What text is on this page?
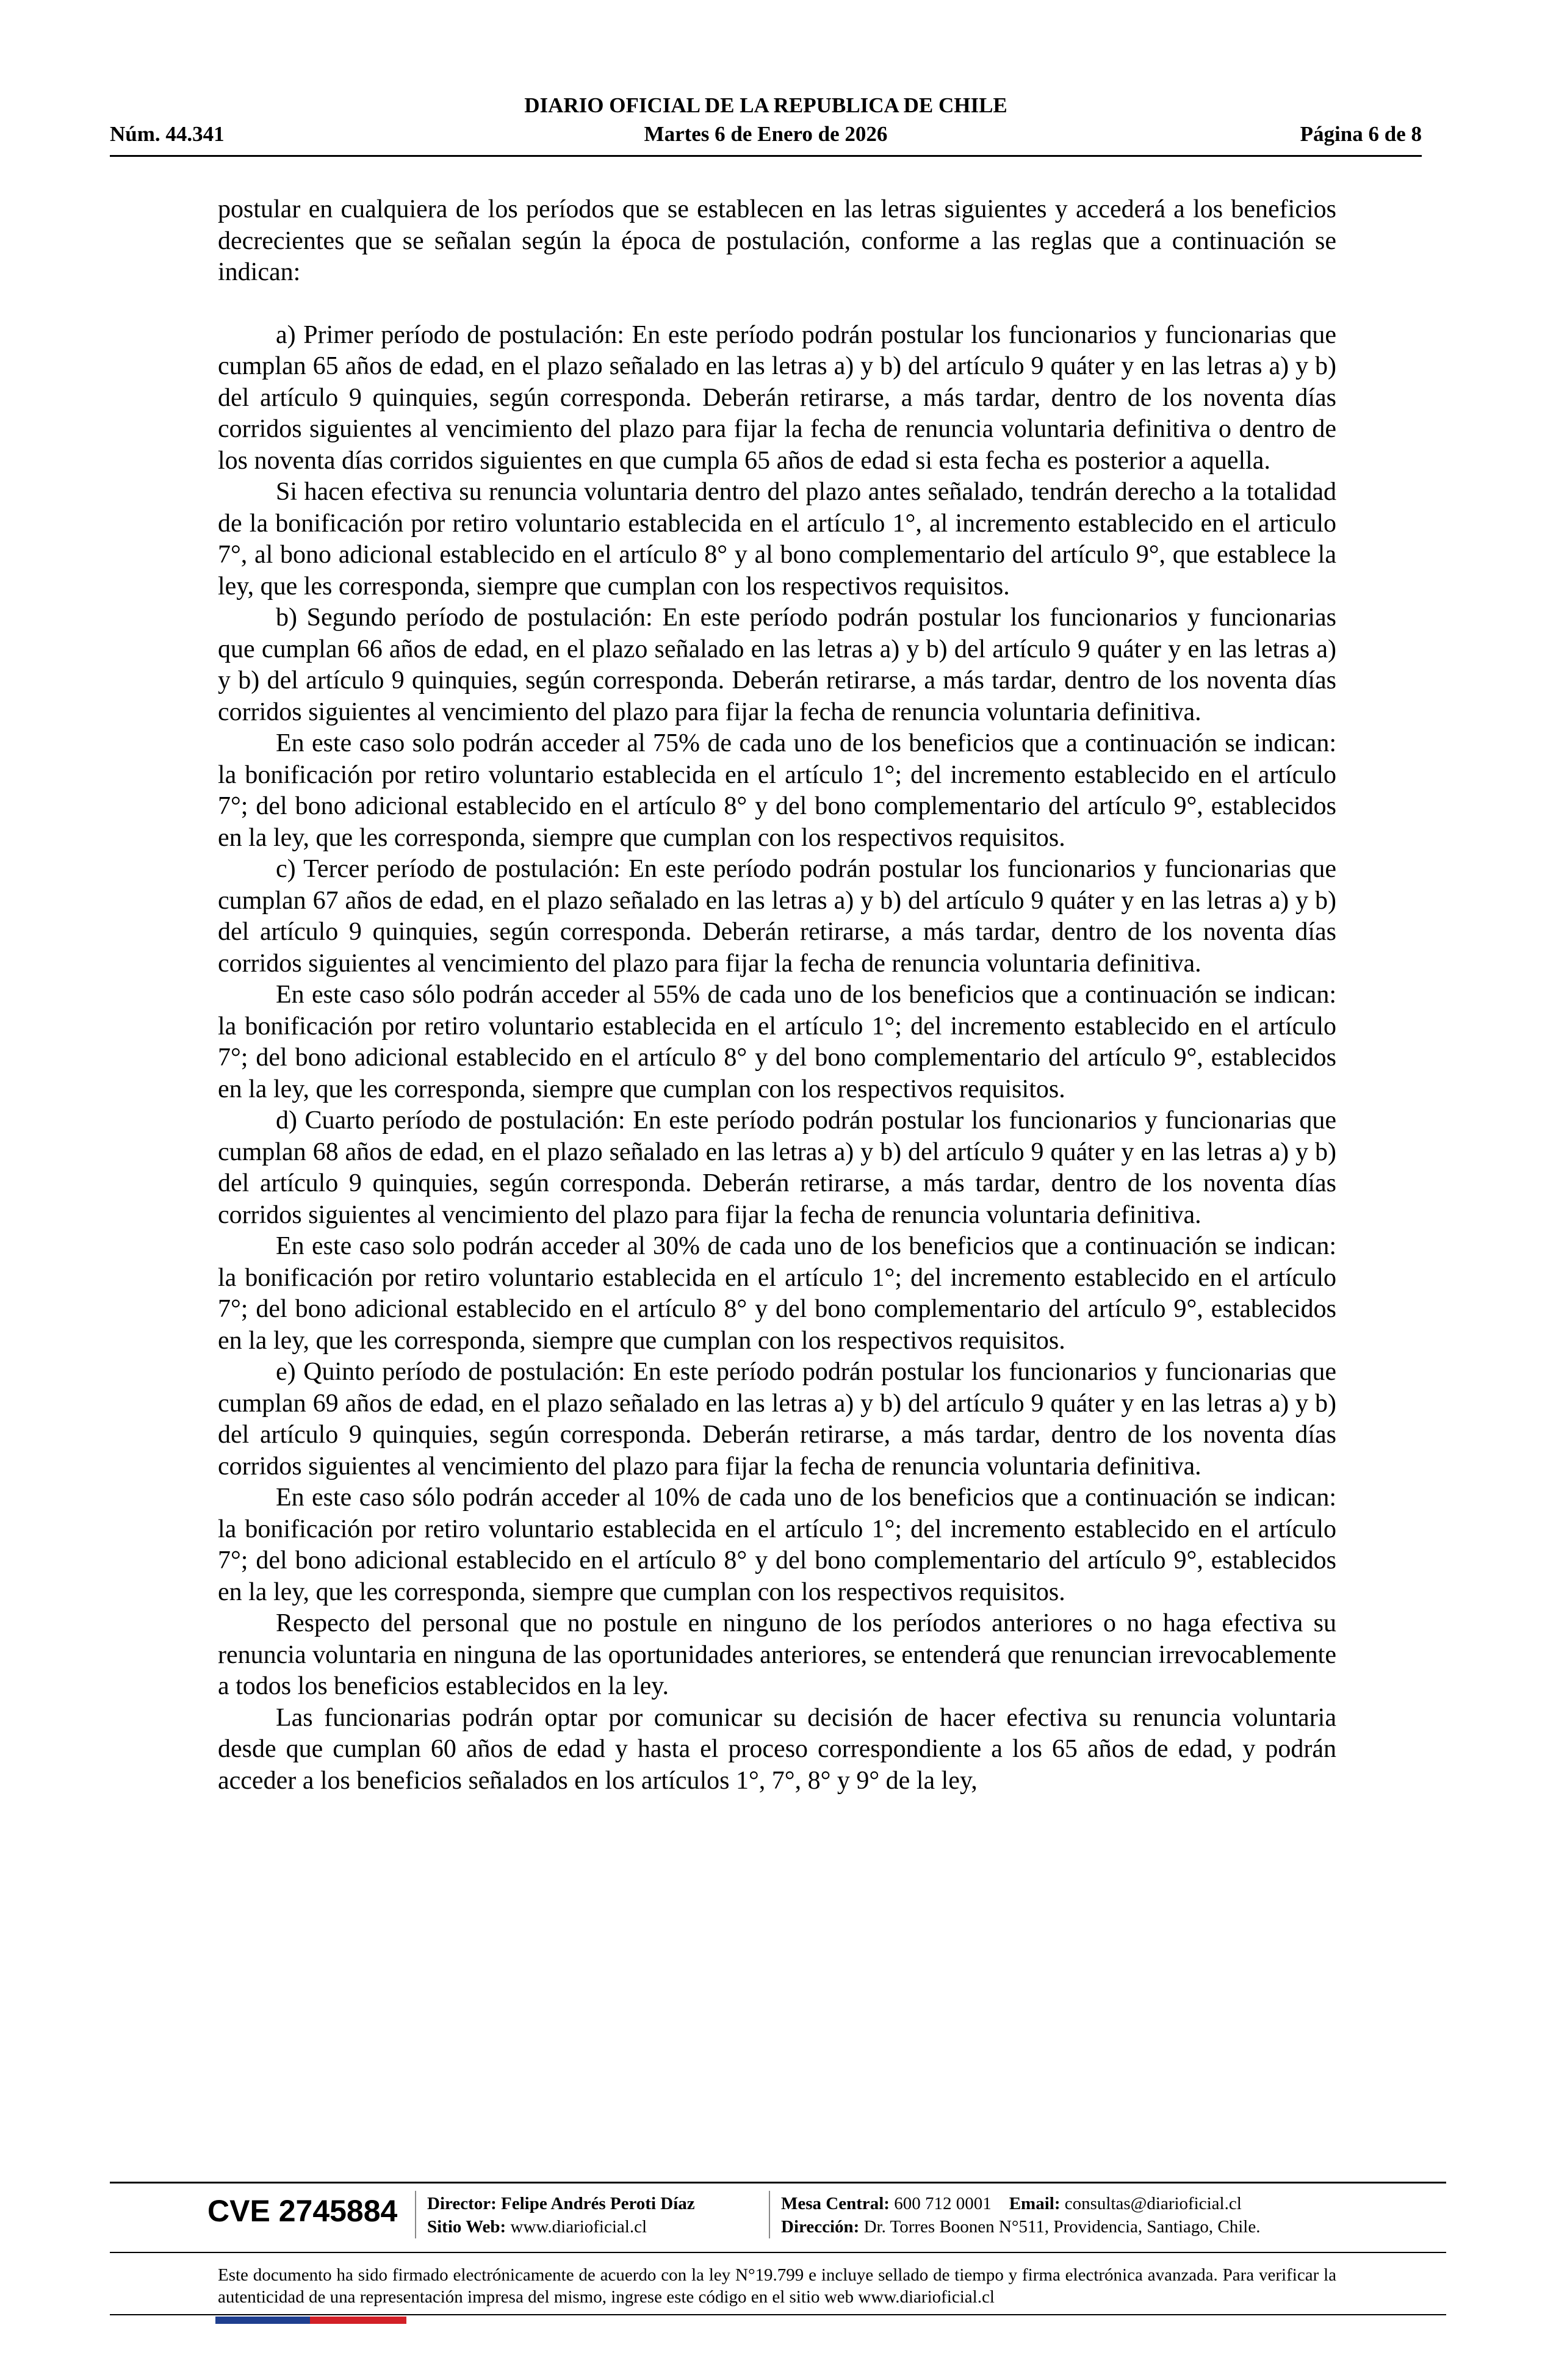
DIARIO OFICIAL DE LA REPUBLICA DE CHILE
Núm. 44.341	Martes 6 de Enero de 2026	Página 6 de 8

postular en cualquiera de los períodos que se establecen en las letras siguientes y accederá a los beneficios decrecientes que se señalan según la época de postulación, conforme a las reglas que a continuación se indican:

a) Primer período de postulación: En este período podrán postular los funcionarios y funcionarias que cumplan 65 años de edad, en el plazo señalado en las letras a) y b) del artículo 9 quáter y en las letras a) y b) del artículo 9 quinquies, según corresponda. Deberán retirarse, a más tardar, dentro de los noventa días corridos siguientes al vencimiento del plazo para fijar la fecha de renuncia voluntaria definitiva o dentro de los noventa días corridos siguientes en que cumpla 65 años de edad si esta fecha es posterior a aquella.

Si hacen efectiva su renuncia voluntaria dentro del plazo antes señalado, tendrán derecho a la totalidad de la bonificación por retiro voluntario establecida en el artículo 1°, al incremento establecido en el articulo 7°, al bono adicional establecido en el artículo 8° y al bono complementario del artículo 9°, que establece la ley, que les corresponda, siempre que cumplan con los respectivos requisitos.

b) Segundo período de postulación: En este período podrán postular los funcionarios y funcionarias que cumplan 66 años de edad, en el plazo señalado en las letras a) y b) del artículo 9 quáter y en las letras a) y b) del artículo 9 quinquies, según corresponda. Deberán retirarse, a más tardar, dentro de los noventa días corridos siguientes al vencimiento del plazo para fijar la fecha de renuncia voluntaria definitiva.

En este caso solo podrán acceder al 75% de cada uno de los beneficios que a continuación se indican: la bonificación por retiro voluntario establecida en el artículo 1°; del incremento establecido en el artículo 7°; del bono adicional establecido en el artículo 8° y del bono complementario del artículo 9°, establecidos en la ley, que les corresponda, siempre que cumplan con los respectivos requisitos.

c) Tercer período de postulación: En este período podrán postular los funcionarios y funcionarias que cumplan 67 años de edad, en el plazo señalado en las letras a) y b) del artículo 9 quáter y en las letras a) y b) del artículo 9 quinquies, según corresponda. Deberán retirarse, a más tardar, dentro de los noventa días corridos siguientes al vencimiento del plazo para fijar la fecha de renuncia voluntaria definitiva.

En este caso sólo podrán acceder al 55% de cada uno de los beneficios que a continuación se indican: la bonificación por retiro voluntario establecida en el artículo 1°; del incremento establecido en el artículo 7°; del bono adicional establecido en el artículo 8° y del bono complementario del artículo 9°, establecidos en la ley, que les corresponda, siempre que cumplan con los respectivos requisitos.

d) Cuarto período de postulación: En este período podrán postular los funcionarios y funcionarias que cumplan 68 años de edad, en el plazo señalado en las letras a) y b) del artículo 9 quáter y en las letras a) y b) del artículo 9 quinquies, según corresponda. Deberán retirarse, a más tardar, dentro de los noventa días corridos siguientes al vencimiento del plazo para fijar la fecha de renuncia voluntaria definitiva.

En este caso solo podrán acceder al 30% de cada uno de los beneficios que a continuación se indican: la bonificación por retiro voluntario establecida en el artículo 1°; del incremento establecido en el artículo 7°; del bono adicional establecido en el artículo 8° y del bono complementario del artículo 9°, establecidos en la ley, que les corresponda, siempre que cumplan con los respectivos requisitos.

e) Quinto período de postulación: En este período podrán postular los funcionarios y funcionarias que cumplan 69 años de edad, en el plazo señalado en las letras a) y b) del artículo 9 quáter y en las letras a) y b) del artículo 9 quinquies, según corresponda. Deberán retirarse, a más tardar, dentro de los noventa días corridos siguientes al vencimiento del plazo para fijar la fecha de renuncia voluntaria definitiva.

En este caso sólo podrán acceder al 10% de cada uno de los beneficios que a continuación se indican: la bonificación por retiro voluntario establecida en el artículo 1°; del incremento establecido en el artículo 7°; del bono adicional establecido en el artículo 8° y del bono complementario del artículo 9°, establecidos en la ley, que les corresponda, siempre que cumplan con los respectivos requisitos.

Respecto del personal que no postule en ninguno de los períodos anteriores o no haga efectiva su renuncia voluntaria en ninguna de las oportunidades anteriores, se entenderá que renuncian irrevocablemente a todos los beneficios establecidos en la ley.

Las funcionarias podrán optar por comunicar su decisión de hacer efectiva su renuncia voluntaria desde que cumplan 60 años de edad y hasta el proceso correspondiente a los 65 años de edad, y podrán acceder a los beneficios señalados en los artículos 1°, 7°, 8° y 9° de la ley,

CVE 2745884 Director: Felipe Andrés Peroti Díaz
Sitio Web: www.diarioficial.cl
Mesa Central: 600 712 0001 Email: consultas@diarioficial.cl
Dirección: Dr. Torres Boonen N°511, Providencia, Santiago, Chile.
Este documento ha sido firmado electrónicamente de acuerdo con la ley N°19.799 e incluye sellado de tiempo y firma electrónica avanzada. Para verificar la autenticidad de una representación impresa del mismo, ingrese este código en el sitio web www.diarioficial.cl
